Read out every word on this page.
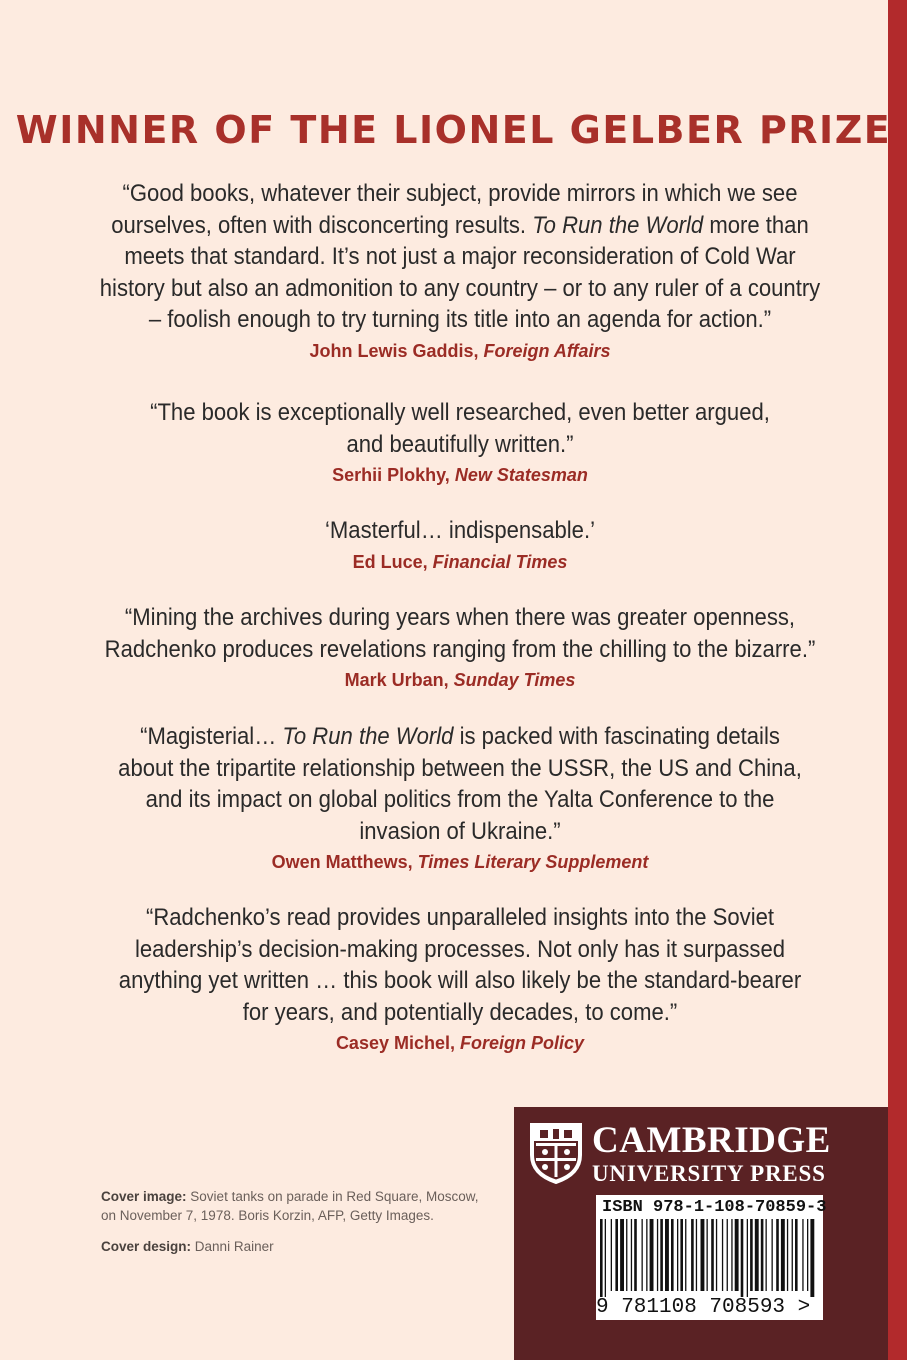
WINNER OF THE LIONEL GELBER PRIZE
“Good books, whatever their subject, provide mirrors in which we see
ourselves, often with disconcerting results. To Run the World more than
meets that standard. It’s not just a major reconsideration of Cold War
history but also an admonition to any country – or to any ruler of a country
– foolish enough to try turning its title into an agenda for action.”
John Lewis Gaddis, Foreign Affairs
“The book is exceptionally well researched, even better argued,
and beautifully written.”
Serhii Plokhy, New Statesman
‘Masterful… indispensable.’
Ed Luce, Financial Times
“Mining the archives during years when there was greater openness,
Radchenko produces revelations ranging from the chilling to the bizarre.”
Mark Urban, Sunday Times
“Magisterial… To Run the World is packed with fascinating details
about the tripartite relationship between the USSR, the US and China,
and its impact on global politics from the Yalta Conference to the
invasion of Ukraine.”
Owen Matthews, Times Literary Supplement
“Radchenko’s read provides unparalleled insights into the Soviet
leadership’s decision-making processes. Not only has it surpassed
anything yet written … this book will also likely be the standard-bearer
for years, and potentially decades, to come.”
Casey Michel, Foreign Policy

Cover image: Soviet tanks on parade in Red Square, Moscow, on November 7, 1978. Boris Korzin, AFP, Getty Images.

Cover design: Danni Rainer

CAMBRIDGE
UNIVERSITY PRESS
ISBN 978-1-108-70859-3
9 781108 708593 >
